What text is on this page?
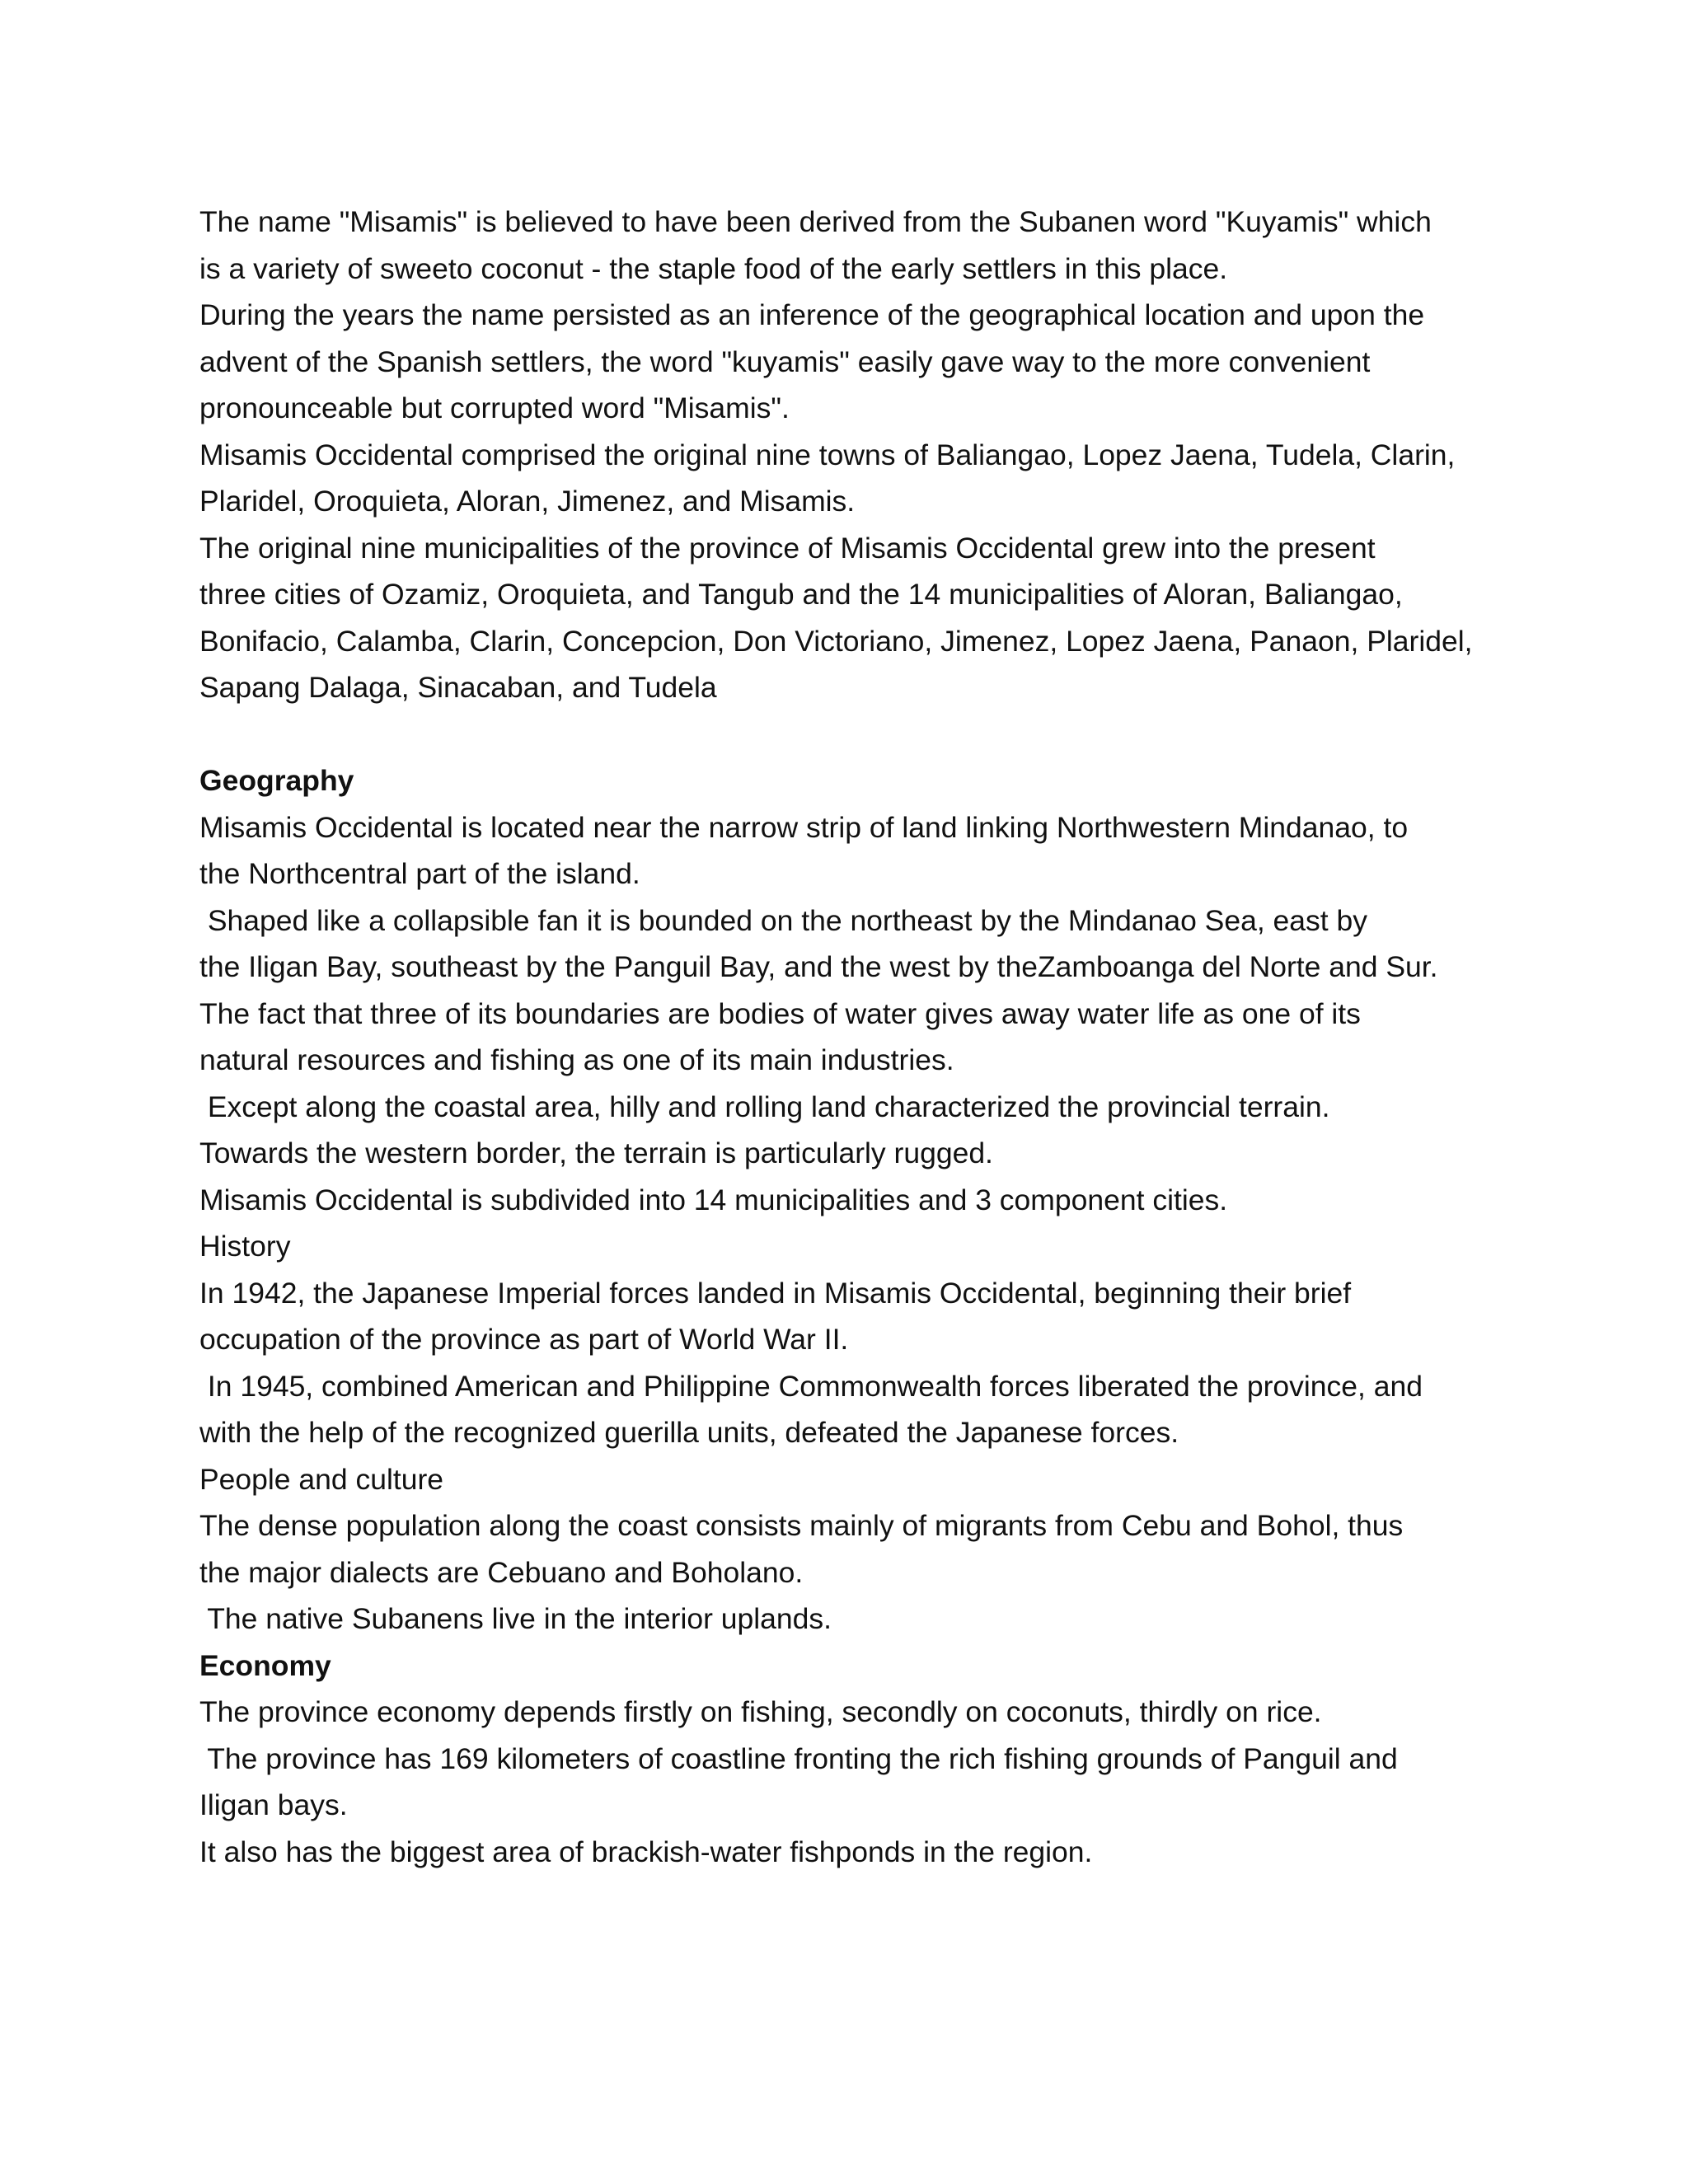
The name "Misamis" is believed to have been derived from the Subanen word "Kuyamis" which
is a variety of sweeto coconut - the staple food of the early settlers in this place.
During the years the name persisted as an inference of the geographical location and upon the
advent of the Spanish settlers, the word "kuyamis" easily gave way to the more convenient
pronounceable but corrupted word "Misamis".
Misamis Occidental comprised the original nine towns of Baliangao, Lopez Jaena, Tudela, Clarin,
Plaridel, Oroquieta, Aloran, Jimenez, and Misamis.
The original nine municipalities of the province of Misamis Occidental grew into the present
three cities of Ozamiz, Oroquieta, and Tangub and the 14 municipalities of Aloran, Baliangao,
Bonifacio, Calamba, Clarin, Concepcion, Don Victoriano, Jimenez, Lopez Jaena, Panaon, Plaridel,
Sapang Dalaga, Sinacaban, and Tudela
Geography
Misamis Occidental is located near the narrow strip of land linking Northwestern Mindanao, to
the Northcentral part of the island.
Shaped like a collapsible fan it is bounded on the northeast by the Mindanao Sea, east by
the Iligan Bay, southeast by the Panguil Bay, and the west by theZamboanga del Norte and Sur.
The fact that three of its boundaries are bodies of water gives away water life as one of its
natural resources and fishing as one of its main industries.
Except along the coastal area, hilly and rolling land characterized the provincial terrain.
Towards the western border, the terrain is particularly rugged.
Misamis Occidental is subdivided into 14 municipalities and 3 component cities.
History
In 1942, the Japanese Imperial forces landed in Misamis Occidental, beginning their brief
occupation of the province as part of World War II.
In 1945, combined American and Philippine Commonwealth forces liberated the province, and
with the help of the recognized guerilla units, defeated the Japanese forces.
People and culture
The dense population along the coast consists mainly of migrants from Cebu and Bohol, thus
the major dialects are Cebuano and Boholano.
The native Subanens live in the interior uplands.
Economy
The province economy depends firstly on fishing, secondly on coconuts, thirdly on rice.
The province has 169 kilometers of coastline fronting the rich fishing grounds of Panguil and
Iligan bays.
It also has the biggest area of brackish-water fishponds in the region.
